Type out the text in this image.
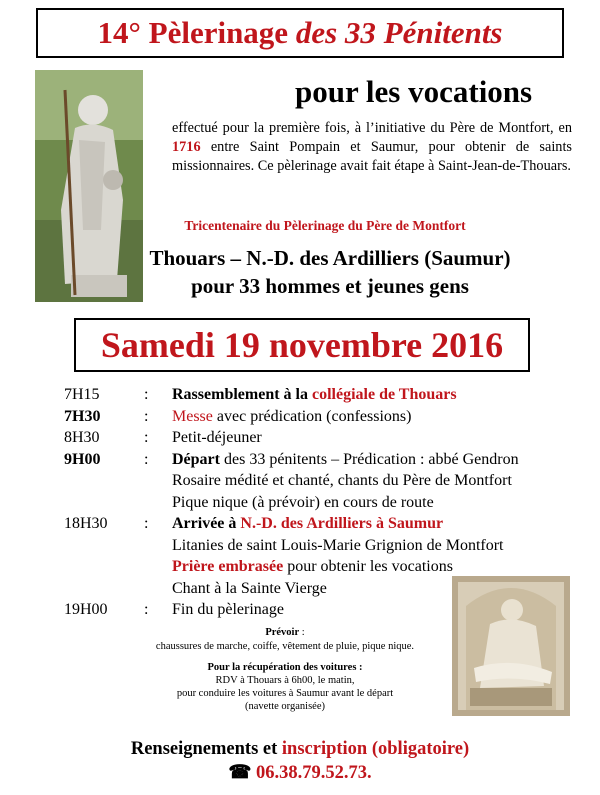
14° Pèlerinage des 33 Pénitents
pour les vocations
effectué pour la première fois, à l’initiative du Père de Montfort, en 1716 entre Saint Pompain et Saumur, pour obtenir de saints missionnaires. Ce pèlerinage avait fait étape à Saint-Jean-de-Thouars.
Tricentenaire du Pèlerinage du Père de Montfort
Thouars – N.-D. des Ardilliers (Saumur)
pour 33 hommes et jeunes gens
Samedi 19 novembre 2016
7H15	:	Rassemblement à la collégiale de Thouars
7H30	:	Messe avec prédication (confessions)
8H30	:	Petit-déjeuner
9H00	:	Départ des 33 pénitents – Prédication : abbé Gendron
Rosaire médité et chanté, chants du Père de Montfort
Pique nique (à prévoir) en cours de route
18H30	:	Arrivée à N.-D. des Ardilliers à Saumur
Litanies de saint Louis-Marie Grignion de Montfort
Prière embrasée pour obtenir les vocations
Chant à la Sainte Vierge
19H00	:	Fin du pèlerinage
Prévoir :
chaussures de marche, coiffe, vêtement de pluie, pique nique.
Pour la récupération des voitures :
RDV à Thouars à 6h00, le matin,
pour conduire les voitures à Saumur avant le départ
(navette organisée)
Renseignements et inscription (obligatoire)
☎ 06.38.79.52.73.
